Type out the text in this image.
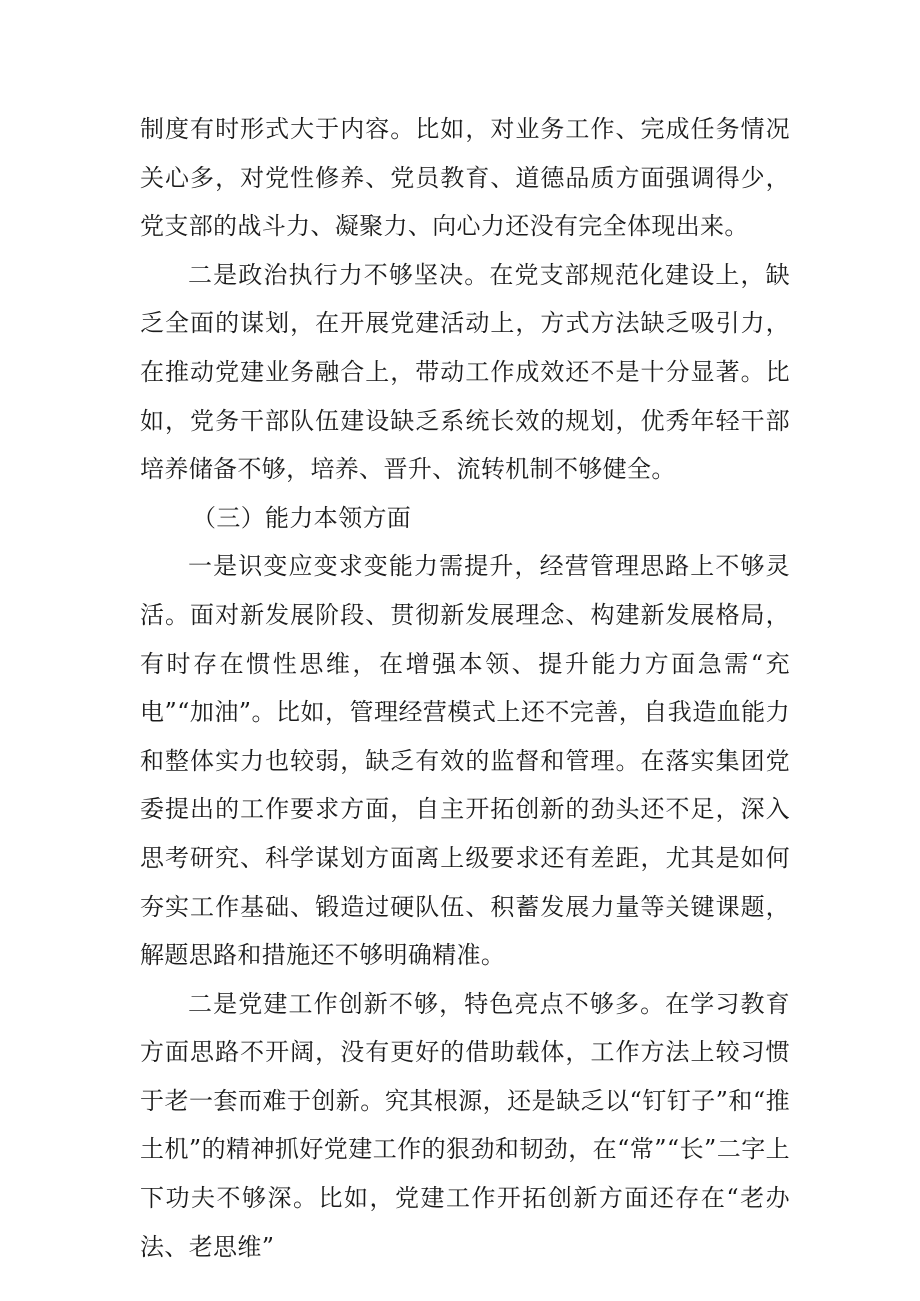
制度有时形式大于内容。比如，对业务工作、完成任务情况关心多，对党性修养、党员教育、道德品质方面强调得少，党支部的战斗力、凝聚力、向心力还没有完全体现出来。

二是政治执行力不够坚决。在党支部规范化建设上，缺乏全面的谋划，在开展党建活动上，方式方法缺乏吸引力，在推动党建业务融合上，带动工作成效还不是十分显著。比如，党务干部队伍建设缺乏系统长效的规划，优秀年轻干部培养储备不够，培养、晋升、流转机制不够健全。

（三）能力本领方面

一是识变应变求变能力需提升，经营管理思路上不够灵活。面对新发展阶段、贯彻新发展理念、构建新发展格局，有时存在惯性思维，在增强本领、提升能力方面急需“充电”“加油”。比如，管理经营模式上还不完善，自我造血能力和整体实力也较弱，缺乏有效的监督和管理。在落实集团党委提出的工作要求方面，自主开拓创新的劲头还不足，深入思考研究、科学谋划方面离上级要求还有差距，尤其是如何夯实工作基础、锻造过硬队伍、积蓄发展力量等关键课题，解题思路和措施还不够明确精准。

二是党建工作创新不够，特色亮点不够多。在学习教育方面思路不开阔，没有更好的借助载体，工作方法上较习惯于老一套而难于创新。究其根源，还是缺乏以“钉钉子”和“推土机”的精神抓好党建工作的狠劲和韧劲，在“常”“长”二字上下功夫不够深。比如，党建工作开拓创新方面还存在“老办法、老思维”
